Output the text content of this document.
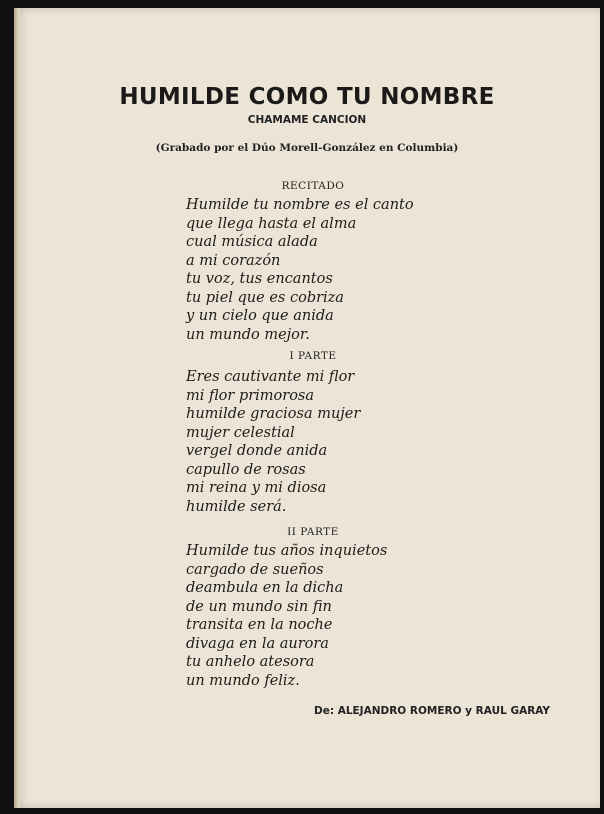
HUMILDE COMO TU NOMBRE
CHAMAME CANCION
(Grabado por el Dúo Morell-González en Columbia)
RECITADO
Humilde tu nombre es el canto
que llega hasta el alma
cual música alada
a mi corazón
tu voz, tus encantos
tu piel que es cobriza
y un cielo que anida
un mundo mejor.
I PARTE
Eres cautivante mi flor
mi flor primorosa
humilde graciosa mujer
mujer celestial
vergel donde anida
capullo de rosas
mi reina y mi diosa
humilde será.
II PARTE
Humilde tus años inquietos
cargado de sueños
deambula en la dicha
de un mundo sin fin
transita en la noche
divaga en la aurora
tu anhelo atesora
un mundo feliz.
De: ALEJANDRO ROMERO y RAUL GARAY
